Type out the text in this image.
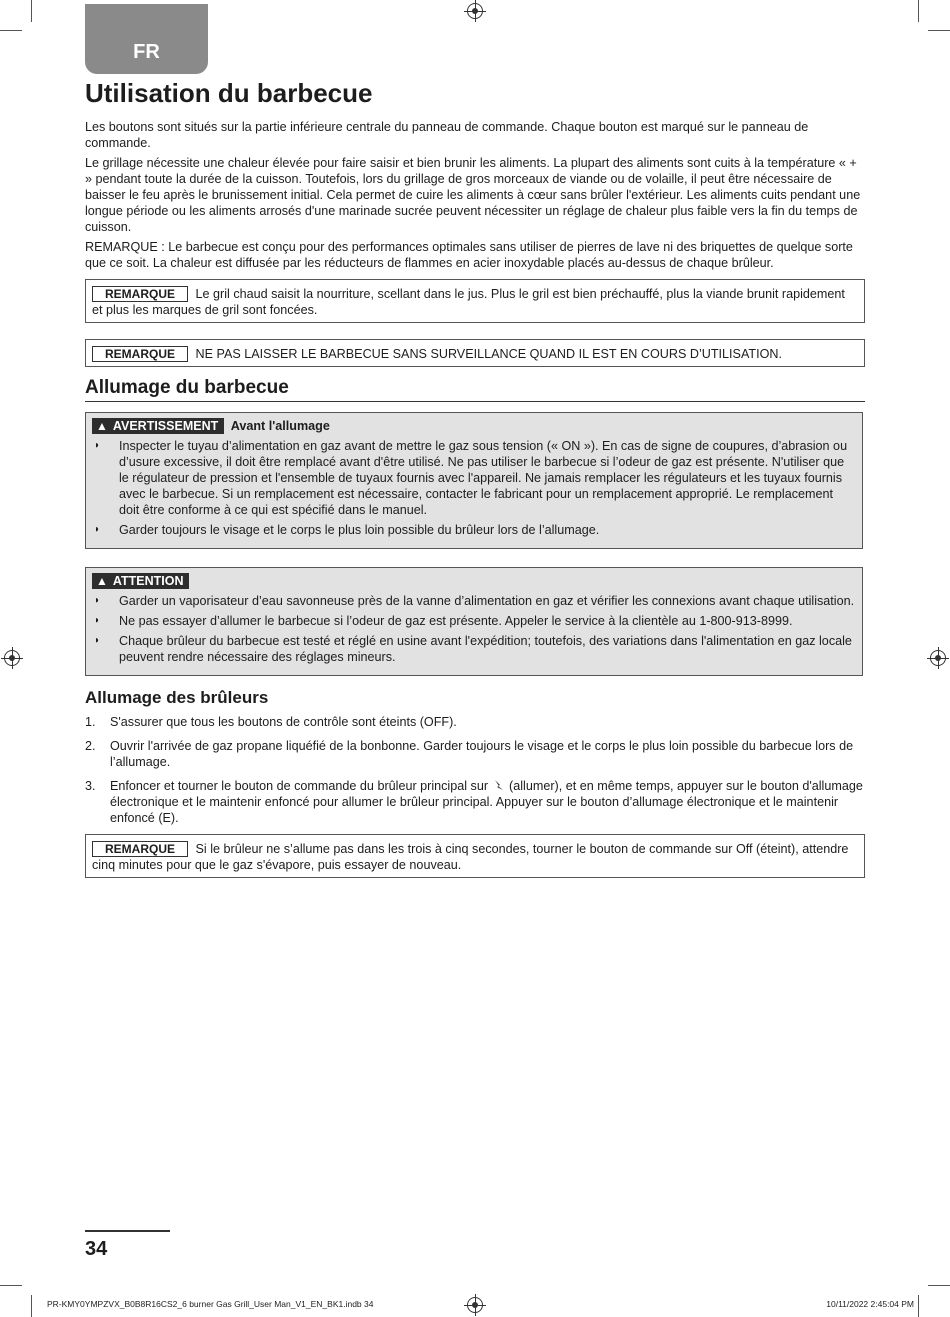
FR
Utilisation du barbecue

Les boutons sont situés sur la partie inférieure centrale du panneau de commande. Chaque bouton est marqué sur le panneau de commande.

Le grillage nécessite une chaleur élevée pour faire saisir et bien brunir les aliments. La plupart des aliments sont cuits à la température « + » pendant toute la durée de la cuisson. Toutefois, lors du grillage de gros morceaux de viande ou de volaille, il peut être nécessaire de baisser le feu après le brunissement initial. Cela permet de cuire les aliments à cœur sans brûler l'extérieur. Les aliments cuits pendant une longue période ou les aliments arrosés d'une marinade sucrée peuvent nécessiter un réglage de chaleur plus faible vers la fin du temps de cuisson.

REMARQUE : Le barbecue est conçu pour des performances optimales sans utiliser de pierres de lave ni des briquettes de quelque sorte que ce soit. La chaleur est diffusée par les réducteurs de flammes en acier inoxydable placés au-dessus de chaque brûleur.

REMARQUE Le gril chaud saisit la nourriture, scellant dans le jus. Plus le gril est bien préchauffé, plus la viande brunit rapidement et plus les marques de gril sont foncées.
REMARQUE NE PAS LAISSER LE BARBECUE SANS SURVEILLANCE QUAND IL EST EN COURS D’UTILISATION.
Allumage du barbecue
▲ AVERTISSEMENT Avant l'allumage
◗ Inspecter le tuyau d’alimentation en gaz avant de mettre le gaz sous tension (« ON »). En cas de signe de coupures, d’abrasion ou d’usure excessive, il doit être remplacé avant d'être utilisé. Ne pas utiliser le barbecue si l’odeur de gaz est présente. N'utiliser que le régulateur de pression et l'ensemble de tuyaux fournis avec l'appareil. Ne jamais remplacer les régulateurs et les tuyaux fournis avec le barbecue. Si un remplacement est nécessaire, contacter le fabricant pour un remplacement approprié. Le remplacement doit être conforme à ce qui est spécifié dans le manuel.
◗ Garder toujours le visage et le corps le plus loin possible du brûleur lors de l’allumage.
▲ ATTENTION
◗ Garder un vaporisateur d’eau savonneuse près de la vanne d’alimentation en gaz et vérifier les connexions avant chaque utilisation.
◗ Ne pas essayer d’allumer le barbecue si l’odeur de gaz est présente. Appeler le service à la clientèle au 1-800-913-8999.
◗ Chaque brûleur du barbecue est testé et réglé en usine avant l'expédition; toutefois, des variations dans l'alimentation en gaz locale peuvent rendre nécessaire des réglages mineurs.
Allumage des brûleurs
1. S'assurer que tous les boutons de contrôle sont éteints (OFF).
2. Ouvrir l'arrivée de gaz propane liquéfié de la bonbonne. Garder toujours le visage et le corps le plus loin possible du barbecue lors de l’allumage.
3. Enfoncer et tourner le bouton de commande du brûleur principal sur (allumer), et en même temps, appuyer sur le bouton d'allumage électronique et le maintenir enfoncé pour allumer le brûleur principal. Appuyer sur le bouton d’allumage électronique et le maintenir enfoncé (E).
REMARQUE Si le brûleur ne s’allume pas dans les trois à cinq secondes, tourner le bouton de commande sur Off (éteint), attendre cinq minutes pour que le gaz s'évapore, puis essayer de nouveau.
34
PR-KMY0YMPZVX_B0B8R16CS2_6 burner Gas Grill_User Man_V1_EN_BK1.indb 34	10/11/2022 2:45:04 PM
